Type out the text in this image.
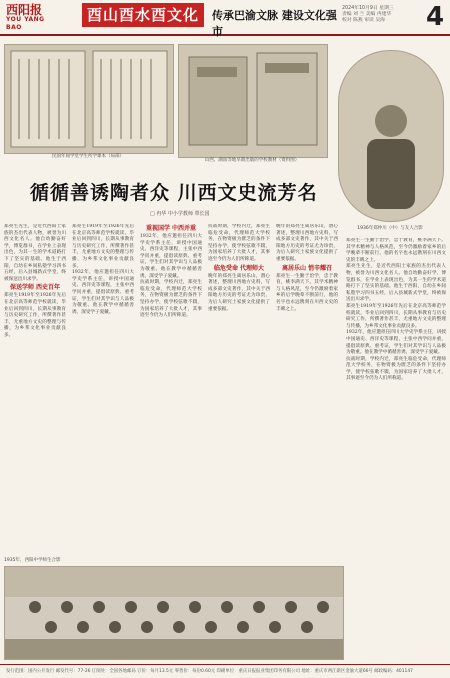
西阳报
YOU YANG BAO
酉山酉水酉文化	传承巴渝文脉 建设文化强市
2024年10月9日 星期三
责编 刘 兰 美编 冉建华
校对 陈燕 审读 吴海	4
民国年间学堂学生所学课本（局部）
山西、湖南等地早期出版的学校教材（资料图）
1936年郑仲川（中）与友人合影
循循善诱陶者众 川西文史流芳名
□ 冉华 中小学教师 覃长国
郑亮生先生，是近代西阳土家族的杰出代表人物，被誉为川西文化名人。他自幼勤奋好学，博览群书，在学业上表现出色，为其一生的学术道路打下了坚实的基础。他生于西阳，自幼在乡间私塾学习四书五经，后入县城新式学堂，终被保送出川求学。
保送学师 西史百年
郑亮生1919年至1926年先后在北京高等师范学校就读，毕业后回到四川，长期从事教育与历史研究工作，所撰著作甚丰，尤重地方文史的整理与传播，为乡邦文化事业贡献良多。
郑亮生1919年至1926年先后在北京高等师范学校就读，毕业后回到四川，长期从事教育与历史研究工作，所撰著作甚丰，尤重地方文史的整理与传播，为乡邦文化事业贡献良多。
1932年，他应邀担任四川大学史学系主任，讲授中国通史、西洋史等课程，主张中西学问并重，提倡读原典、重考证，学生们对其学识与人品极为敬重。他在教学中循循善诱，深受学子爱戴。
重视国学 中西并重
1932年，他应邀担任四川大学史学系主任，讲授中国通史、西洋史等课程，主张中西学问并重，提倡读原典、重考证，学生们对其学识与人品极为敬重。他在教学中循循善诱，深受学子爱戴。
抗战时期，学校内迁，郑亮生临危受命，代理师范大学校务，在物资极为匮乏的条件下坚持办学，使学校弦歌不辍，为国家培养了大批人才，其事迹至今仍为人们所称道。
抗战时期，学校内迁，郑亮生临危受命，代理师范大学校务，在物资极为匮乏的条件下坚持办学，使学校弦歌不辍，为国家培养了大批人才，其事迹至今仍为人们所称道。
临危受命 代理师大
晚年的郑亮生离居乐山，潜心著述，整理川西地方史料，写成多部文史著作，其中关于西阳地方历史的考证尤为珍贵，为后人研究土家族文化提供了重要依据。
晚年的郑亮生离居乐山，潜心著述，整理川西地方史料，写成多部文史著作，其中关于西阳地方历史的考证尤为珍贵，为后人研究土家族文化提供了重要依据。
离居乐山 悄辛耀召
郑亮生一生勤于治学，忠于教育，桃李满天下。其学术精神与人格风范，至今仍激励着家乡的后学晚辈不断前行，他的名字也永远镌刻在川西文史的丰碑之上。
郑亮生一生勤于治学，忠于教育，桃李满天下。其学术精神与人格风范，至今仍激励着家乡的后学晚辈不断前行，他的名字也永远镌刻在川西文史的丰碑之上。
郑亮生先生，是近代西阳土家族的杰出代表人物，被誉为川西文化名人。他自幼勤奋好学，博览群书，在学业上表现出色，为其一生的学术道路打下了坚实的基础。他生于西阳，自幼在乡间私塾学习四书五经，后入县城新式学堂，终被保送出川求学。
郑亮生1919年至1926年先后在北京高等师范学校就读，毕业后回到四川，长期从事教育与历史研究工作，所撰著作甚丰，尤重地方文史的整理与传播，为乡邦文化事业贡献良多。
1932年，他应邀担任四川大学史学系主任，讲授中国通史、西洋史等课程，主张中西学问并重，提倡读原典、重考证，学生们对其学识与人品极为敬重。他在教学中循循善诱，深受学子爱戴。
抗战时期，学校内迁，郑亮生临危受命，代理师范大学校务，在物资极为匮乏的条件下坚持办学，使学校弦歌不辍，为国家培养了大批人才，其事迹至今仍为人们所称道。
1935年，西阳中学师生合影
发行范围：国内公开发行 邮发代号：77-26 订阅处：全国各地邮局 订价：每月13.5元 零售价：每份0.60元 印刷单位：重庆日报报业集团印务有限公司 地址：重庆市两江新区金渝大道66号 邮政编码：401147
